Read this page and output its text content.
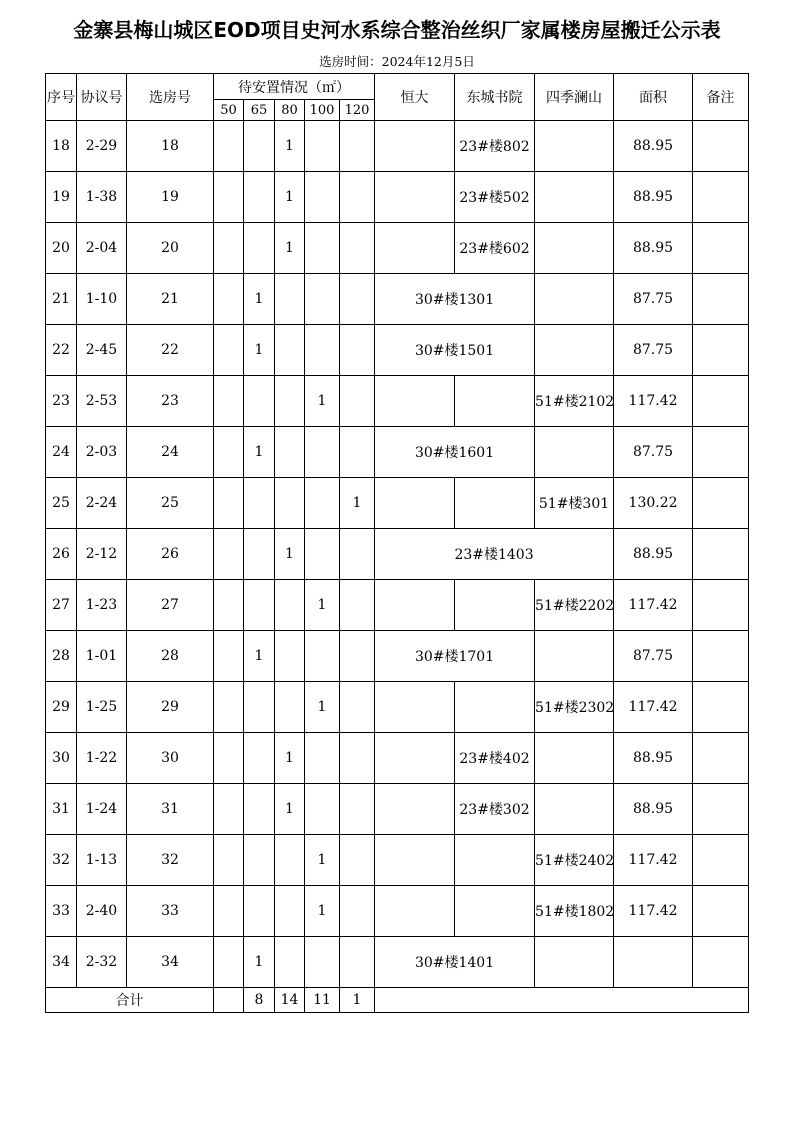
金寨县梅山城区EOD项目史河水系综合整治丝织厂家属楼房屋搬迁公示表
选房时间：2024年12月5日
序号	协议号	选房号	待安置情况（㎡）					恒大	东城书院	四季澜山	面积	备注
			50	65	80	100	120					
18	2-29	18			1				23#楼802		88.95	
19	1-38	19			1				23#楼502		88.95	
20	2-04	20			1				23#楼602		88.95	
21	1-10	21		1				30#楼1301			87.75	
22	2-45	22		1				30#楼1501			87.75	
23	2-53	23				1				51#楼2102	117.42	
24	2-03	24		1				30#楼1601			87.75	
25	2-24	25					1			51#楼301	130.22	
26	2-12	26			1			23#楼1403			88.95	
27	1-23	27				1				51#楼2202	117.42	
28	1-01	28		1				30#楼1701			87.75	
29	1-25	29				1				51#楼2302	117.42	
30	1-22	30			1				23#楼402		88.95	
31	1-24	31			1				23#楼302		88.95	
32	1-13	32				1				51#楼2402	117.42	
33	2-40	33				1				51#楼1802	117.42	
34	2-32	34		1				30#楼1401				
合计				8	14	11	1					
